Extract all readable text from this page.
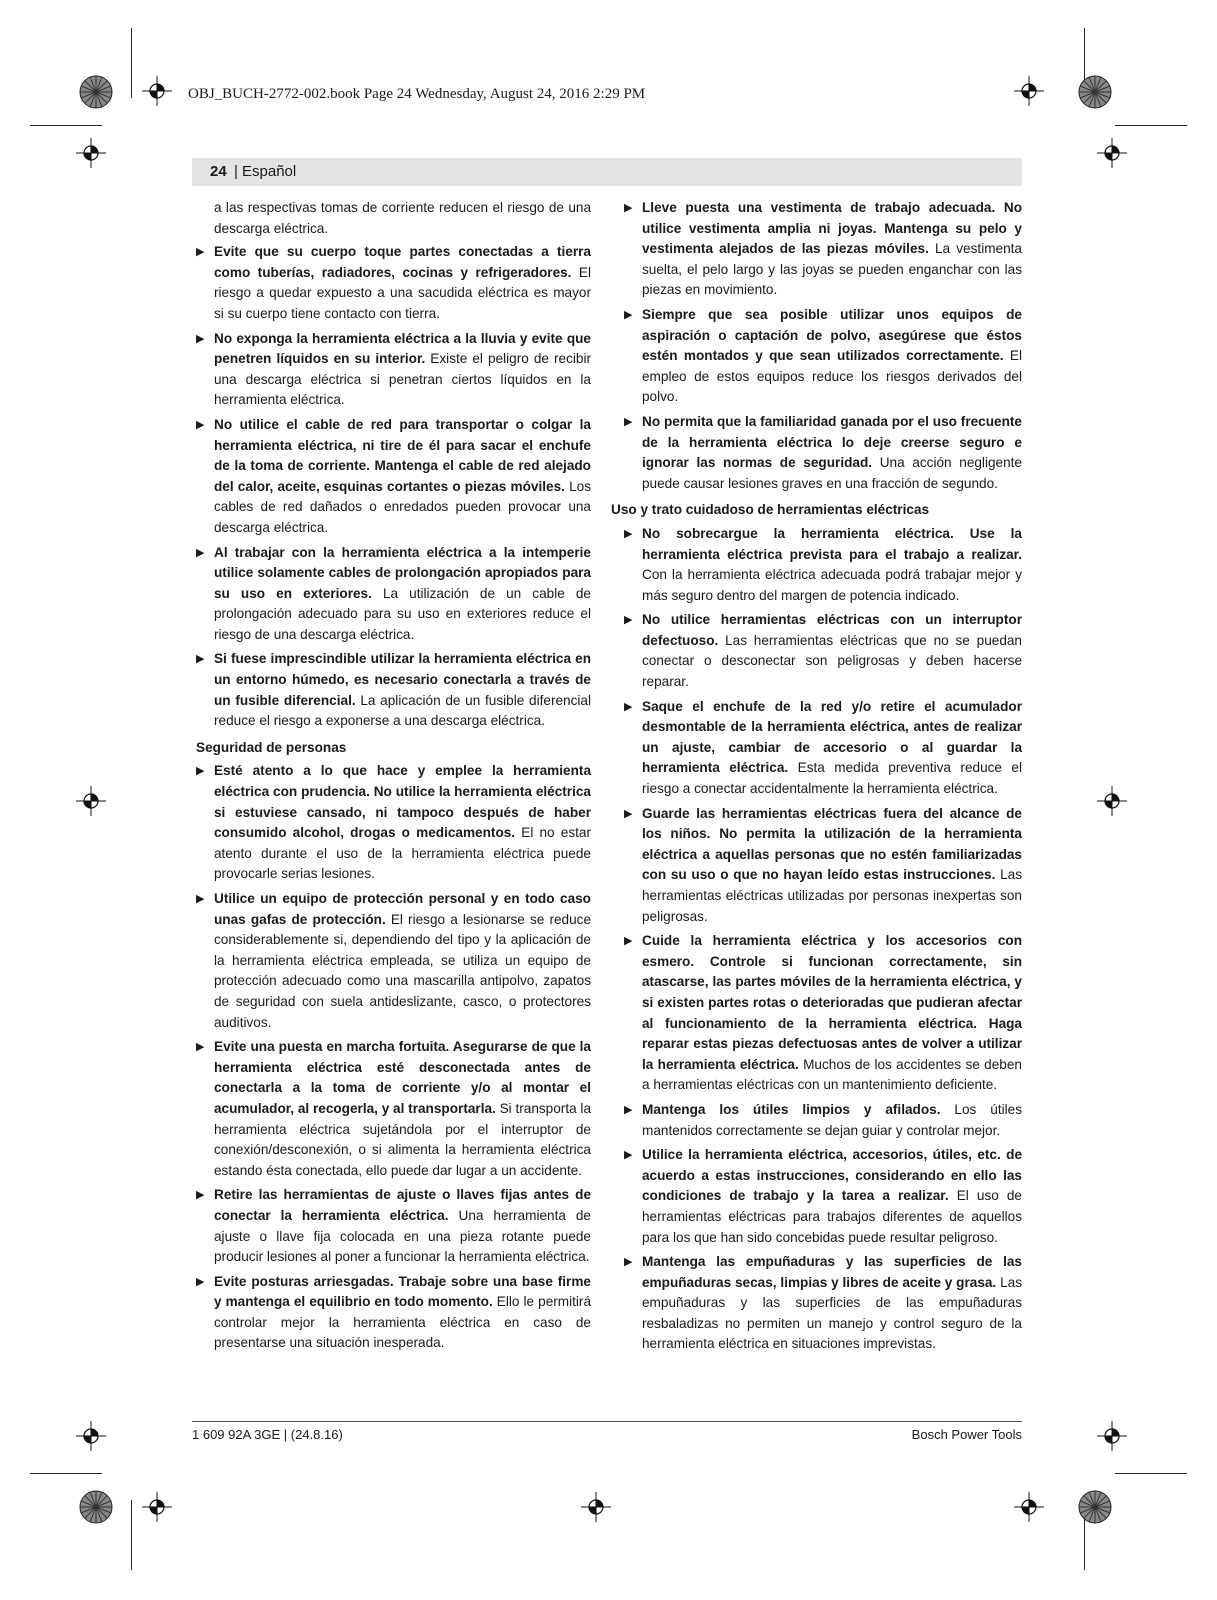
OBJ_BUCH-2772-002.book Page 24 Wednesday, August 24, 2016 2:29 PM
24 | Español

a las respectivas tomas de corriente reducen el riesgo de una descarga eléctrica.

▶ Evite que su cuerpo toque partes conectadas a tierra como tuberías, radiadores, cocinas y refrigeradores. El riesgo a quedar expuesto a una sacudida eléctrica es mayor si su cuerpo tiene contacto con tierra.
▶ No exponga la herramienta eléctrica a la lluvia y evite que penetren líquidos en su interior. Existe el peligro de recibir una descarga eléctrica si penetran ciertos líquidos en la herramienta eléctrica.
▶ No utilice el cable de red para transportar o colgar la herramienta eléctrica, ni tire de él para sacar el enchufe de la toma de corriente. Mantenga el cable de red alejado del calor, aceite, esquinas cortantes o piezas móviles. Los cables de red dañados o enredados pueden provocar una descarga eléctrica.
▶ Al trabajar con la herramienta eléctrica a la intemperie utilice solamente cables de prolongación apropiados para su uso en exteriores. La utilización de un cable de prolongación adecuado para su uso en exteriores reduce el riesgo de una descarga eléctrica.
▶ Si fuese imprescindible utilizar la herramienta eléctrica en un entorno húmedo, es necesario conectarla a través de un fusible diferencial. La aplicación de un fusible diferencial reduce el riesgo a exponerse a una descarga eléctrica.
Seguridad de personas
▶ Esté atento a lo que hace y emplee la herramienta eléctrica con prudencia. No utilice la herramienta eléctrica si estuviese cansado, ni tampoco después de haber consumido alcohol, drogas o medicamentos. El no estar atento durante el uso de la herramienta eléctrica puede provocarle serias lesiones.
▶ Utilice un equipo de protección personal y en todo caso unas gafas de protección. El riesgo a lesionarse se reduce considerablemente si, dependiendo del tipo y la aplicación de la herramienta eléctrica empleada, se utiliza un equipo de protección adecuado como una mascarilla antipolvo, zapatos de seguridad con suela antideslizante, casco, o protectores auditivos.
▶ Evite una puesta en marcha fortuita. Asegurarse de que la herramienta eléctrica esté desconectada antes de conectarla a la toma de corriente y/o al montar el acumulador, al recogerla, y al transportarla. Si transporta la herramienta eléctrica sujetándola por el interruptor de conexión/desconexión, o si alimenta la herramienta eléctrica estando ésta conectada, ello puede dar lugar a un accidente.
▶ Retire las herramientas de ajuste o llaves fijas antes de conectar la herramienta eléctrica. Una herramienta de ajuste o llave fija colocada en una pieza rotante puede producir lesiones al poner a funcionar la herramienta eléctrica.
▶ Evite posturas arriesgadas. Trabaje sobre una base firme y mantenga el equilibrio en todo momento. Ello le permitirá controlar mejor la herramienta eléctrica en caso de presentarse una situación inesperada.
▶ Lleve puesta una vestimenta de trabajo adecuada. No utilice vestimenta amplia ni joyas. Mantenga su pelo y vestimenta alejados de las piezas móviles. La vestimenta suelta, el pelo largo y las joyas se pueden enganchar con las piezas en movimiento.
▶ Siempre que sea posible utilizar unos equipos de aspiración o captación de polvo, asegúrese que éstos estén montados y que sean utilizados correctamente. El empleo de estos equipos reduce los riesgos derivados del polvo.
▶ No permita que la familiaridad ganada por el uso frecuente de la herramienta eléctrica lo deje creerse seguro e ignorar las normas de seguridad. Una acción negligente puede causar lesiones graves en una fracción de segundo.
Uso y trato cuidadoso de herramientas eléctricas
▶ No sobrecargue la herramienta eléctrica. Use la herramienta eléctrica prevista para el trabajo a realizar. Con la herramienta eléctrica adecuada podrá trabajar mejor y más seguro dentro del margen de potencia indicado.
▶ No utilice herramientas eléctricas con un interruptor defectuoso. Las herramientas eléctricas que no se puedan conectar o desconectar son peligrosas y deben hacerse reparar.
▶ Saque el enchufe de la red y/o retire el acumulador desmontable de la herramienta eléctrica, antes de realizar un ajuste, cambiar de accesorio o al guardar la herramienta eléctrica. Esta medida preventiva reduce el riesgo a conectar accidentalmente la herramienta eléctrica.
▶ Guarde las herramientas eléctricas fuera del alcance de los niños. No permita la utilización de la herramienta eléctrica a aquellas personas que no estén familiarizadas con su uso o que no hayan leído estas instrucciones. Las herramientas eléctricas utilizadas por personas inexpertas son peligrosas.
▶ Cuide la herramienta eléctrica y los accesorios con esmero. Controle si funcionan correctamente, sin atascarse, las partes móviles de la herramienta eléctrica, y si existen partes rotas o deterioradas que pudieran afectar al funcionamiento de la herramienta eléctrica. Haga reparar estas piezas defectuosas antes de volver a utilizar la herramienta eléctrica. Muchos de los accidentes se deben a herramientas eléctricas con un mantenimiento deficiente.
▶ Mantenga los útiles limpios y afilados. Los útiles mantenidos correctamente se dejan guiar y controlar mejor.
▶ Utilice la herramienta eléctrica, accesorios, útiles, etc. de acuerdo a estas instrucciones, considerando en ello las condiciones de trabajo y la tarea a realizar. El uso de herramientas eléctricas para trabajos diferentes de aquellos para los que han sido concebidas puede resultar peligroso.
▶ Mantenga las empuñaduras y las superficies de las empuñaduras secas, limpias y libres de aceite y grasa. Las empuñaduras y las superficies de las empuñaduras resbaladizas no permiten un manejo y control seguro de la herramienta eléctrica en situaciones imprevistas.
1 609 92A 3GE | (24.8.16)	Bosch Power Tools
